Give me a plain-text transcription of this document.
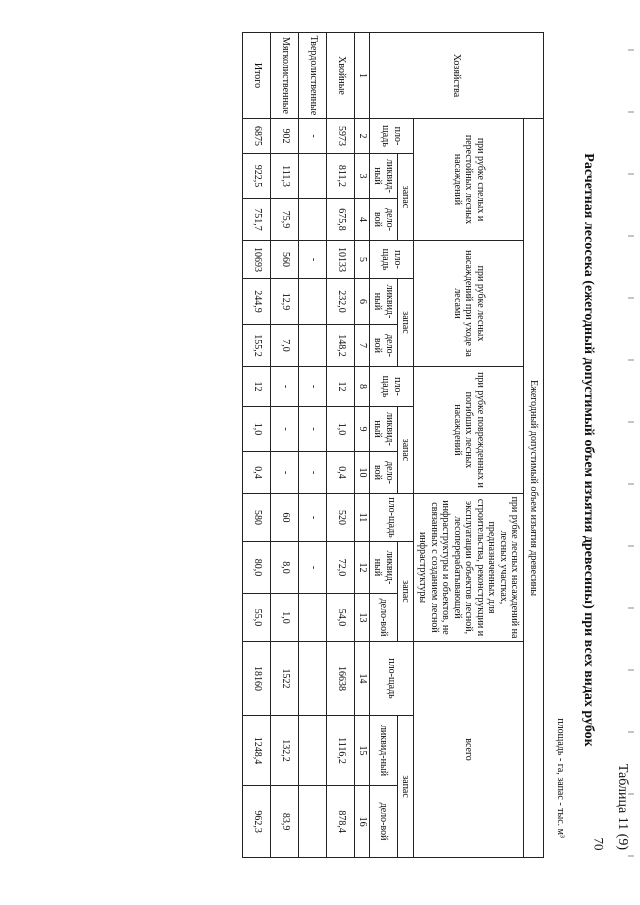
Таблица 11 (9)
Расчетная лесосека (ежегодный допустимый объем изъятия древесины) при всех видах рубок
площадь - га, запас - тыс. м³
Хозяйства	Ежегодный допустимый объем изъятия древесины														
	при рубке спелых и перестойных лесных насаждений			при рубке лесных насаждений при уходе за лесами			при рубке поврежденных и погибших лесных насаждений			при рубке лесных насаждений на лесных участках, предназначенных для строительства, реконструкции и эксплуатации объектов лесной, лесоперерабатывающей инфраструктуры и объектов, не связанных с созданием лесной инфраструктуры			всего		
	пло-щадь	запас		пло-щадь	запас		пло-щадь	запас		пло-щадь	запас		пло-щадь	запас	
		ликвид-ный	дело-вой		ликвид-ный	дело-вой		ликвид-ный	дело-вой		ликвид-ный	дело-вой		ликвид-ный	дело-вой
1	2	3	4	5	6	7	8	9	10	11	12	13	14	15	16
Хвойные	5973	811,2	675,8	10133	232,0	148,2	12	1,0	0,4	520	72,0	54,0	16638	1116,2	878,4
Твердолиственные	-			-			-	-	-	-	-				
Мягколиственные	902	111,3	75,9	560	12,9	7,0	-	-	-	60	8,0	1,0	1522	132,2	83,9
Итого	6875	922,5	751,7	10693	244,9	155,2	12	1,0	0,4	580	80,0	55,0	18160	1248,4	962,3
70
